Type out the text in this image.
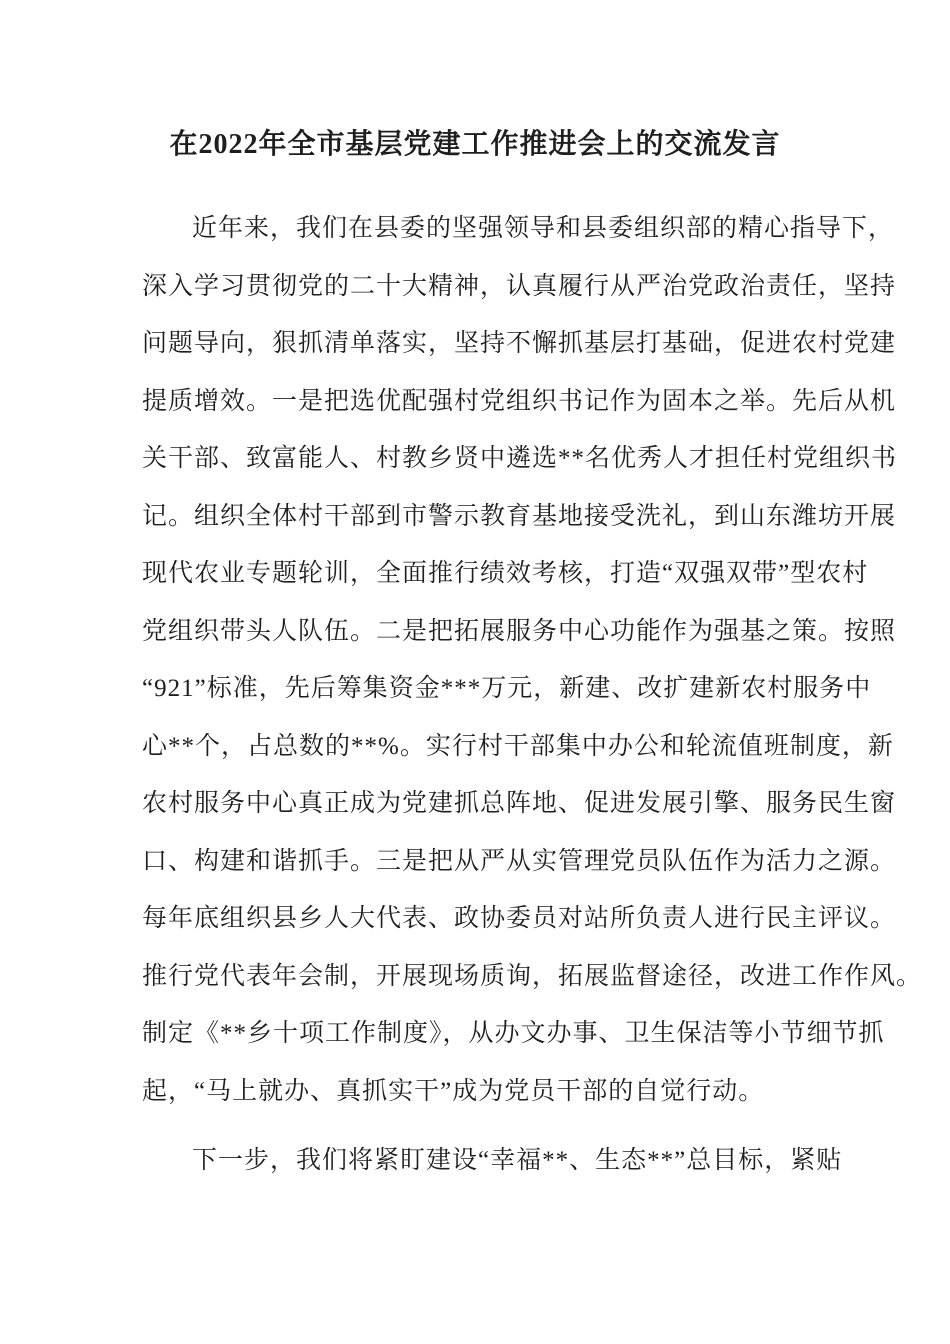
在2022年全市基层党建工作推进会上的交流发言
近年来，我们在县委的坚强领导和县委组织部的精心指导下，
深入学习贯彻党的二十大精神，认真履行从严治党政治责任，坚持
问题导向，狠抓清单落实，坚持不懈抓基层打基础，促进农村党建
提质增效。一是把选优配强村党组织书记作为固本之举。先后从机
关干部、致富能人、村教乡贤中遴选**名优秀人才担任村党组织书
记。组织全体村干部到市警示教育基地接受洗礼，到山东潍坊开展
现代农业专题轮训，全面推行绩效考核，打造“双强双带”型农村
党组织带头人队伍。二是把拓展服务中心功能作为强基之策。按照
“921”标准，先后筹集资金***万元，新建、改扩建新农村服务中
心**个，占总数的**%。实行村干部集中办公和轮流值班制度，新
农村服务中心真正成为党建抓总阵地、促进发展引擎、服务民生窗
口、构建和谐抓手。三是把从严从实管理党员队伍作为活力之源。
每年底组织县乡人大代表、政协委员对站所负责人进行民主评议。
推行党代表年会制，开展现场质询，拓展监督途径，改进工作作风。
制定《**乡十项工作制度》，从办文办事、卫生保洁等小节细节抓
起，“马上就办、真抓实干”成为党员干部的自觉行动。
下一步，我们将紧盯建设“幸福**、生态**”总目标，紧贴
